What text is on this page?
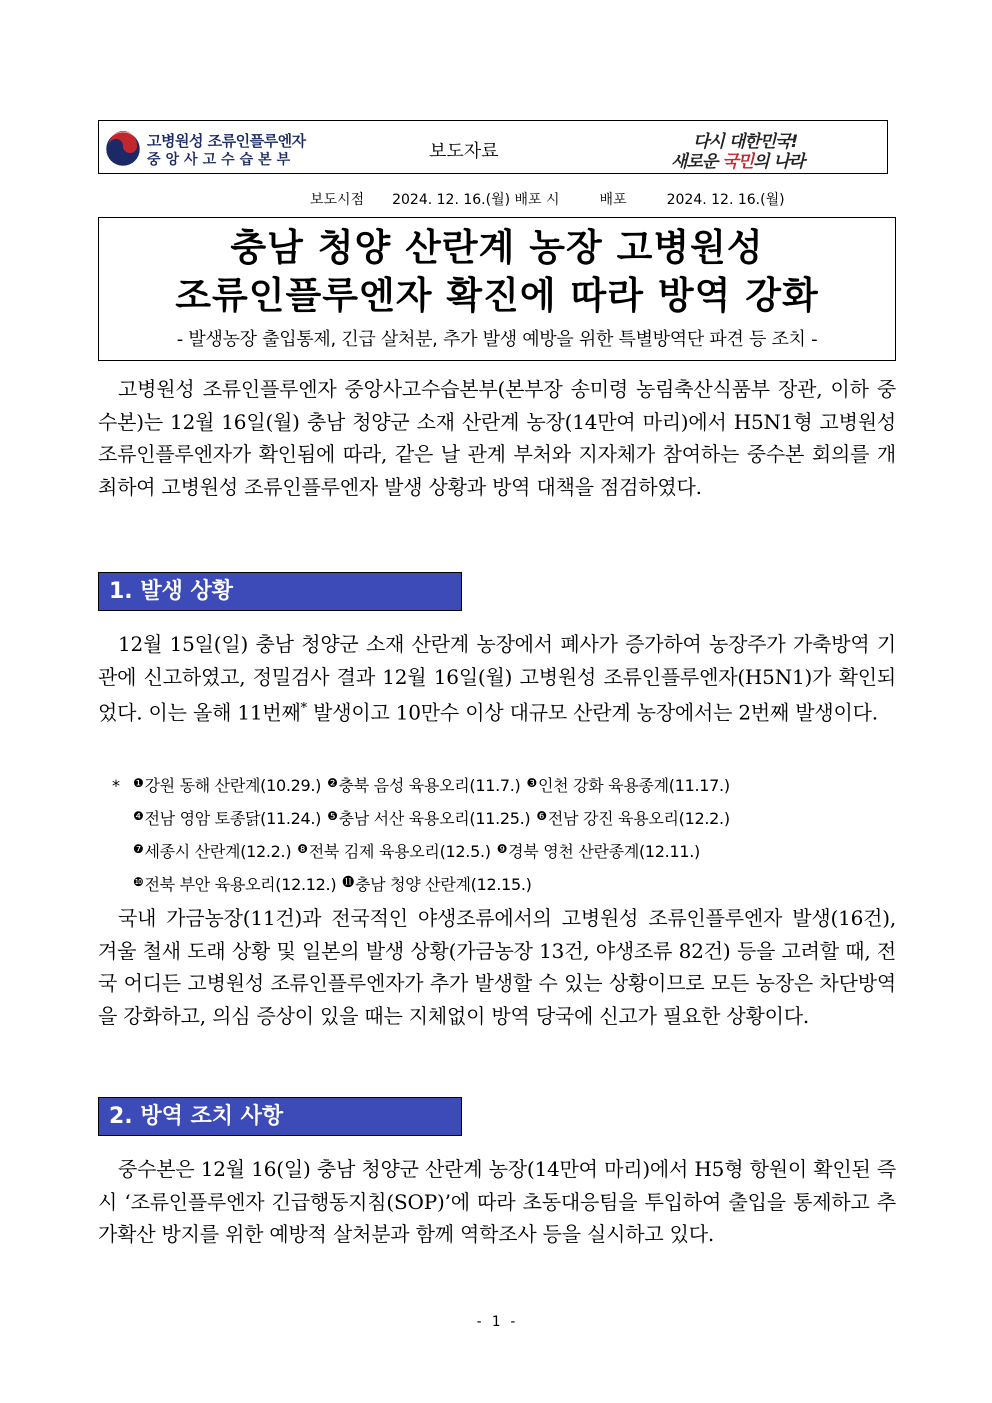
고병원성 조류인플루엔자
중앙사고수습본부	보도자료	다시 대한민국!
새로운 국민의 나라
보도시점 2024. 12. 16.(월) 배포 시	배포	2024. 12. 16.(월)
충남 청양 산란계 농장 고병원성
조류인플루엔자 확진에 따라 방역 강화
- 발생농장 출입통제, 긴급 살처분, 추가 발생 예방을 위한 특별방역단 파견 등 조치 -
고병원성 조류인플루엔자 중앙사고수습본부(본부장 송미령 농림축산식품부 장관, 이하 중수본)는 12월 16일(월) 충남 청양군 소재 산란계 농장(14만여 마리)에서 H5N1형 고병원성 조류인플루엔자가 확인됨에 따라, 같은 날 관계 부처와 지자체가 참여하는 중수본 회의를 개최하여 고병원성 조류인플루엔자 발생 상황과 방역 대책을 점검하였다.
1. 발생 상황
12월 15일(일) 충남 청양군 소재 산란계 농장에서 폐사가 증가하여 농장주가 가축방역 기관에 신고하였고, 정밀검사 결과 12월 16일(월) 고병원성 조류인플루엔자(H5N1)가 확인되었다. 이는 올해 11번째* 발생이고 10만수 이상 대규모 산란계 농장에서는 2번째 발생이다.
* $^❶$강원 동해 산란계(10.29.) $^❷$충북 음성 육용오리(11.7.) $^❸$인천 강화 육용종계(11.17.)
$^❹$전남 영암 토종닭(11.24.) $^❺$충남 서산 육용오리(11.25.) $^❻$전남 강진 육용오리(12.2.)
$^❼$세종시 산란계(12.2.) $^❽$전북 김제 육용오리(12.5.) $^❾$경북 영천 산란종계(12.11.)
$^❿$전북 부안 육용오리(12.12.) ⓫충남 청양 산란계(12.15.)
국내 가금농장(11건)과 전국적인 야생조류에서의 고병원성 조류인플루엔자 발생(16건), 겨울 철새 도래 상황 및 일본의 발생 상황(가금농장 13건, 야생조류 82건) 등을 고려할 때, 전국 어디든 고병원성 조류인플루엔자가 추가 발생할 수 있는 상황이므로 모든 농장은 차단방역을 강화하고, 의심 증상이 있을 때는 지체없이 방역 당국에 신고가 필요한 상황이다.
2. 방역 조치 사항
중수본은 12월 16(일) 충남 청양군 산란계 농장(14만여 마리)에서 H5형 항원이 확인된 즉시 ‘조류인플루엔자 긴급행동지침(SOP)’에 따라 초동대응팀을 투입하여 출입을 통제하고 추가확산 방지를 위한 예방적 살처분과 함께 역학조사 등을 실시하고 있다.
- 1 -
